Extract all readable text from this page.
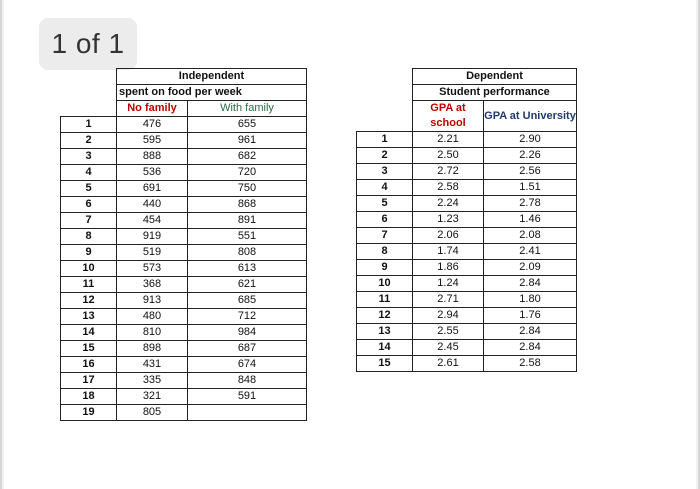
1 of 1
	Independent	
	spent on food per week	
	No family	With family
1	476	655
2	595	961
3	888	682
4	536	720
5	691	750
6	440	868
7	454	891
8	919	551
9	519	808
10	573	613
11	368	621
12	913	685
13	480	712
14	810	984
15	898	687
16	431	674
17	335	848
18	321	591
19	805	
	Dependent	
	Student performance	
	GPA at school	GPA at University
1	2.21	2.90
2	2.50	2.26
3	2.72	2.56
4	2.58	1.51
5	2.24	2.78
6	1.23	1.46
7	2.06	2.08
8	1.74	2.41
9	1.86	2.09
10	1.24	2.84
11	2.71	1.80
12	2.94	1.76
13	2.55	2.84
14	2.45	2.84
15	2.61	2.58
